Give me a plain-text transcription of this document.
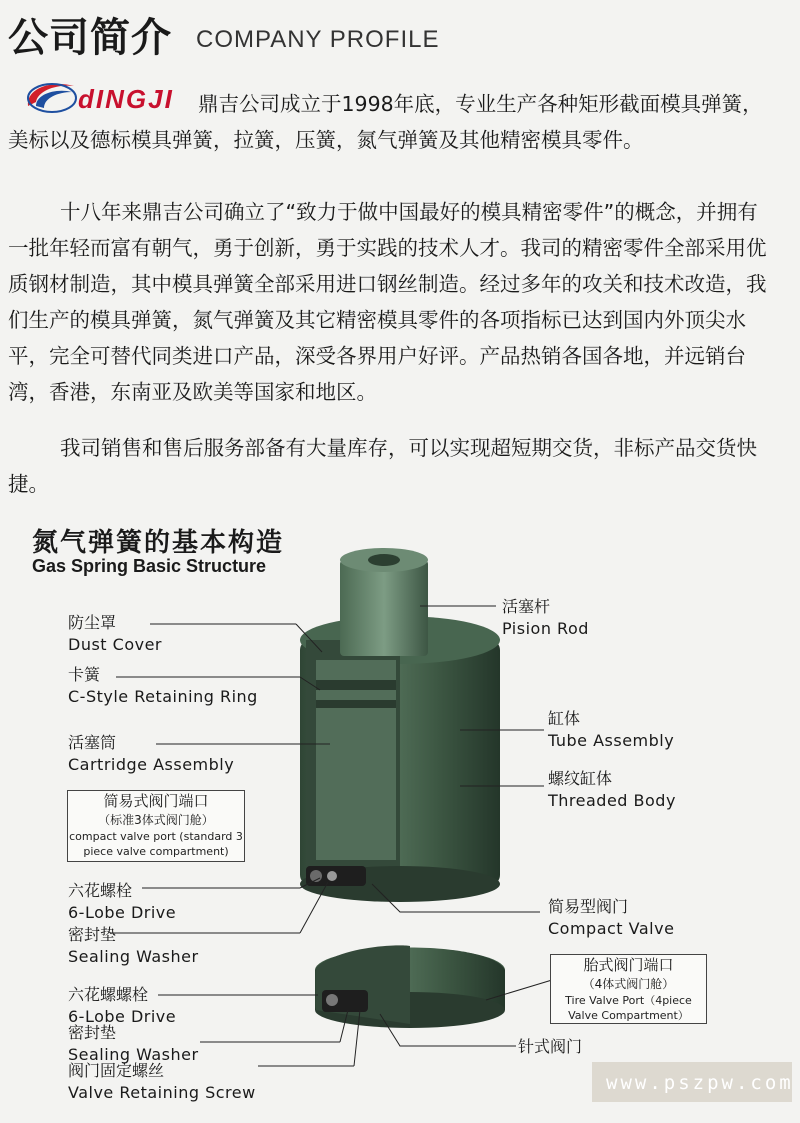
公司简介 COMPANY PROFILE
dINGJI	鼎吉公司成立于1998年底，专业生产各种矩形截面模具弹簧，美标以及德标模具弹簧，拉簧，压簧，氮气弹簧及其他精密模具零件。
十八年来鼎吉公司确立了“致力于做中国最好的模具精密零件”的概念，并拥有一批年轻而富有朝气，勇于创新，勇于实践的技术人才。我司的精密零件全部采用优质钢材制造，其中模具弹簧全部采用进口钢丝制造。经过多年的攻关和技术改造，我们生产的模具弹簧，氮气弹簧及其它精密模具零件的各项指标已达到国内外顶尖水平，完全可替代同类进口产品，深受各界用户好评。产品热销各国各地，并远销台湾，香港，东南亚及欧美等国家和地区。
我司销售和售后服务部备有大量库存，可以实现超短期交货，非标产品交货快捷。
氮气弹簧的基本构造
Gas Spring Basic Structure
防尘罩
Dust Cover
卡簧
C-Style Retaining Ring
活塞筒
Cartridge Assembly
简易式阀门端口
（标准3体式阀门舱）
compact valve port (standard 3 piece valve compartment)
六花螺栓
6-Lobe Drive
密封垫
Sealing Washer
活塞杆
Pision Rod
缸体
Tube Assembly
螺纹缸体
Threaded Body
简易型阀门
Compact Valve
胎式阀门端口
（4体式阀门舱）
Tire Valve Port（4piece Valve Compartment）
六花螺螺栓
6-Lobe Drive
密封垫
Sealing Washer
阀门固定螺丝
Valve Retaining Screw
针式阀门
www.pszpw.com
